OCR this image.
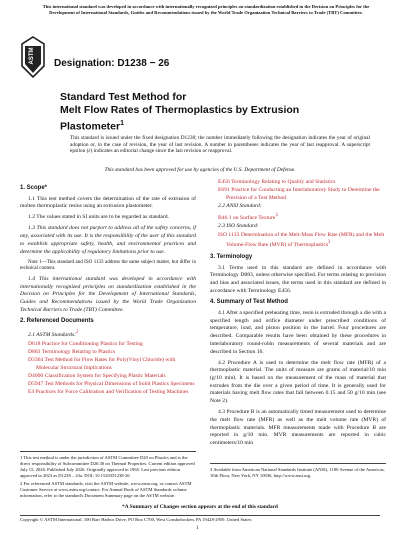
This international standard was developed in accordance with internationally recognized principles on standardization established in the Decision on Principles for the Development of International Standards, Guides and Recommendations issued by the World Trade Organization Technical Barriers to Trade (TBT) Committee.
ASTM Designation: D1238 − 26
Standard Test Method for
Melt Flow Rates of Thermoplastics by Extrusion
Plastometer$^1$
This standard is issued under the fixed designation D1238; the number immediately following the designation indicates the year of original adoption or, in the case of revision, the year of last revision. A number in parentheses indicates the year of last reapproval. A superscript epsilon (ε) indicates an editorial change since the last revision or reapproval.
This standard has been approved for use by agencies of the U.S. Department of Defense.
1. Scope*

1.1 This test method covers the determination of the rate of extrusion of molten thermoplastic resins using an extrusion plastometer.

1.2 The values stated in SI units are to be regarded as standard.

1.3 This standard does not purport to address all of the safety concerns, if any, associated with its use. It is the responsibility of the user of this standard to establish appropriate safety, health, and environmental practices and determine the applicability of regulatory limitations prior to use.

Note 1—This standard and ISO 1133 address the same subject matter, but differ in technical content.

1.4 This international standard was developed in accordance with internationally recognized principles on standardization established in the Decision on Principles for the Development of International Standards, Guides and Recommendations issued by the World Trade Organization Technical Barriers to Trade (TBT) Committee.

2. Referenced Documents
2.1 ASTM Standards:$^2$

D618 Practice for Conditioning Plastics for Testing

D883 Terminology Relating to Plastics

D3364 Test Method for Flow Rates for Poly(Vinyl Chloride) with Molecular Structural Implications

D4000 Classification System for Specifying Plastic Materials

D5947 Test Methods for Physical Dimensions of Solid Plastics Specimens

E4 Practices for Force Calibration and Verification of Testing Machines

E456 Terminology Relating to Quality and Statistics

E691 Practice for Conducting an Interlaboratory Study to Determine the Precision of a Test Method

2.2 ANSI Standard:

B46.1 on Surface Texture$^3$

2.3 ISO Standard:

ISO 1133 Determination of the Melt-Mass Flow Rate (MFR) and the Melt Volume-Flow Rate (MVR) of Thermoplastics$^3$

3. Terminology

3.1 Terms used in this standard are defined in accordance with Terminology D883, unless otherwise specified. For terms relating to precision and bias and associated issues, the terms used in this standard are defined in accordance with Terminology E456.

4. Summary of Test Method

4.1 After a specified preheating time, resin is extruded through a die with a specified length and orifice diameter under prescribed conditions of temperature, load, and piston position in the barrel. Four procedures are described. Comparable results have been obtained by these procedures in interlaboratory round-robin measurements of several materials and are described in Section 16.

4.2 Procedure A is used to determine the melt flow rate (MFR) of a thermoplastic material. The units of measure are grams of material/10 min (g/10 min). It is based on the measurement of the mass of material that extrudes from the die over a given period of time. It is generally used for materials having melt flow rates that fall between 0.15 and 50 g/10 min (see Note 2).

4.3 Procedure B is an automatically timed measurement used to determine the melt flow rate (MFR) as well as the melt volume rate (MVR) of thermoplastic materials. MFR measurements made with Procedure B are reported in g/10 min. MVR measurements are reported in cubic centimeters/10 min

1 This test method is under the jurisdiction of ASTM Committee D20 on Plastics and is the direct responsibility of Subcommittee D20.30 on Thermal Properties. Current edition approved July 15, 2026. Published July 2026. Originally approved in 1965. Last previous edition approved in 2023 as D1238 – 23a. DOI: 10.1520/D1238-26

2 For referenced ASTM standards, visit the ASTM website, www.astm.org, or contact ASTM Customer Service at www.astm.org/contact. For Annual Book of ASTM Standards volume information, refer to the standard's Document Summary page on the ASTM website.

3 Available from American National Standards Institute (ANSI), 1180 Avenue of the Americas, 10th Floor, New York, NY 10036, http://www.ansi.org.

*A Summary of Changes section appears at the end of this standard
Copyright © ASTM International, 100 Barr Harbor Drive, PO Box C700, West Conshohocken, PA 19428-2959. United States
1
